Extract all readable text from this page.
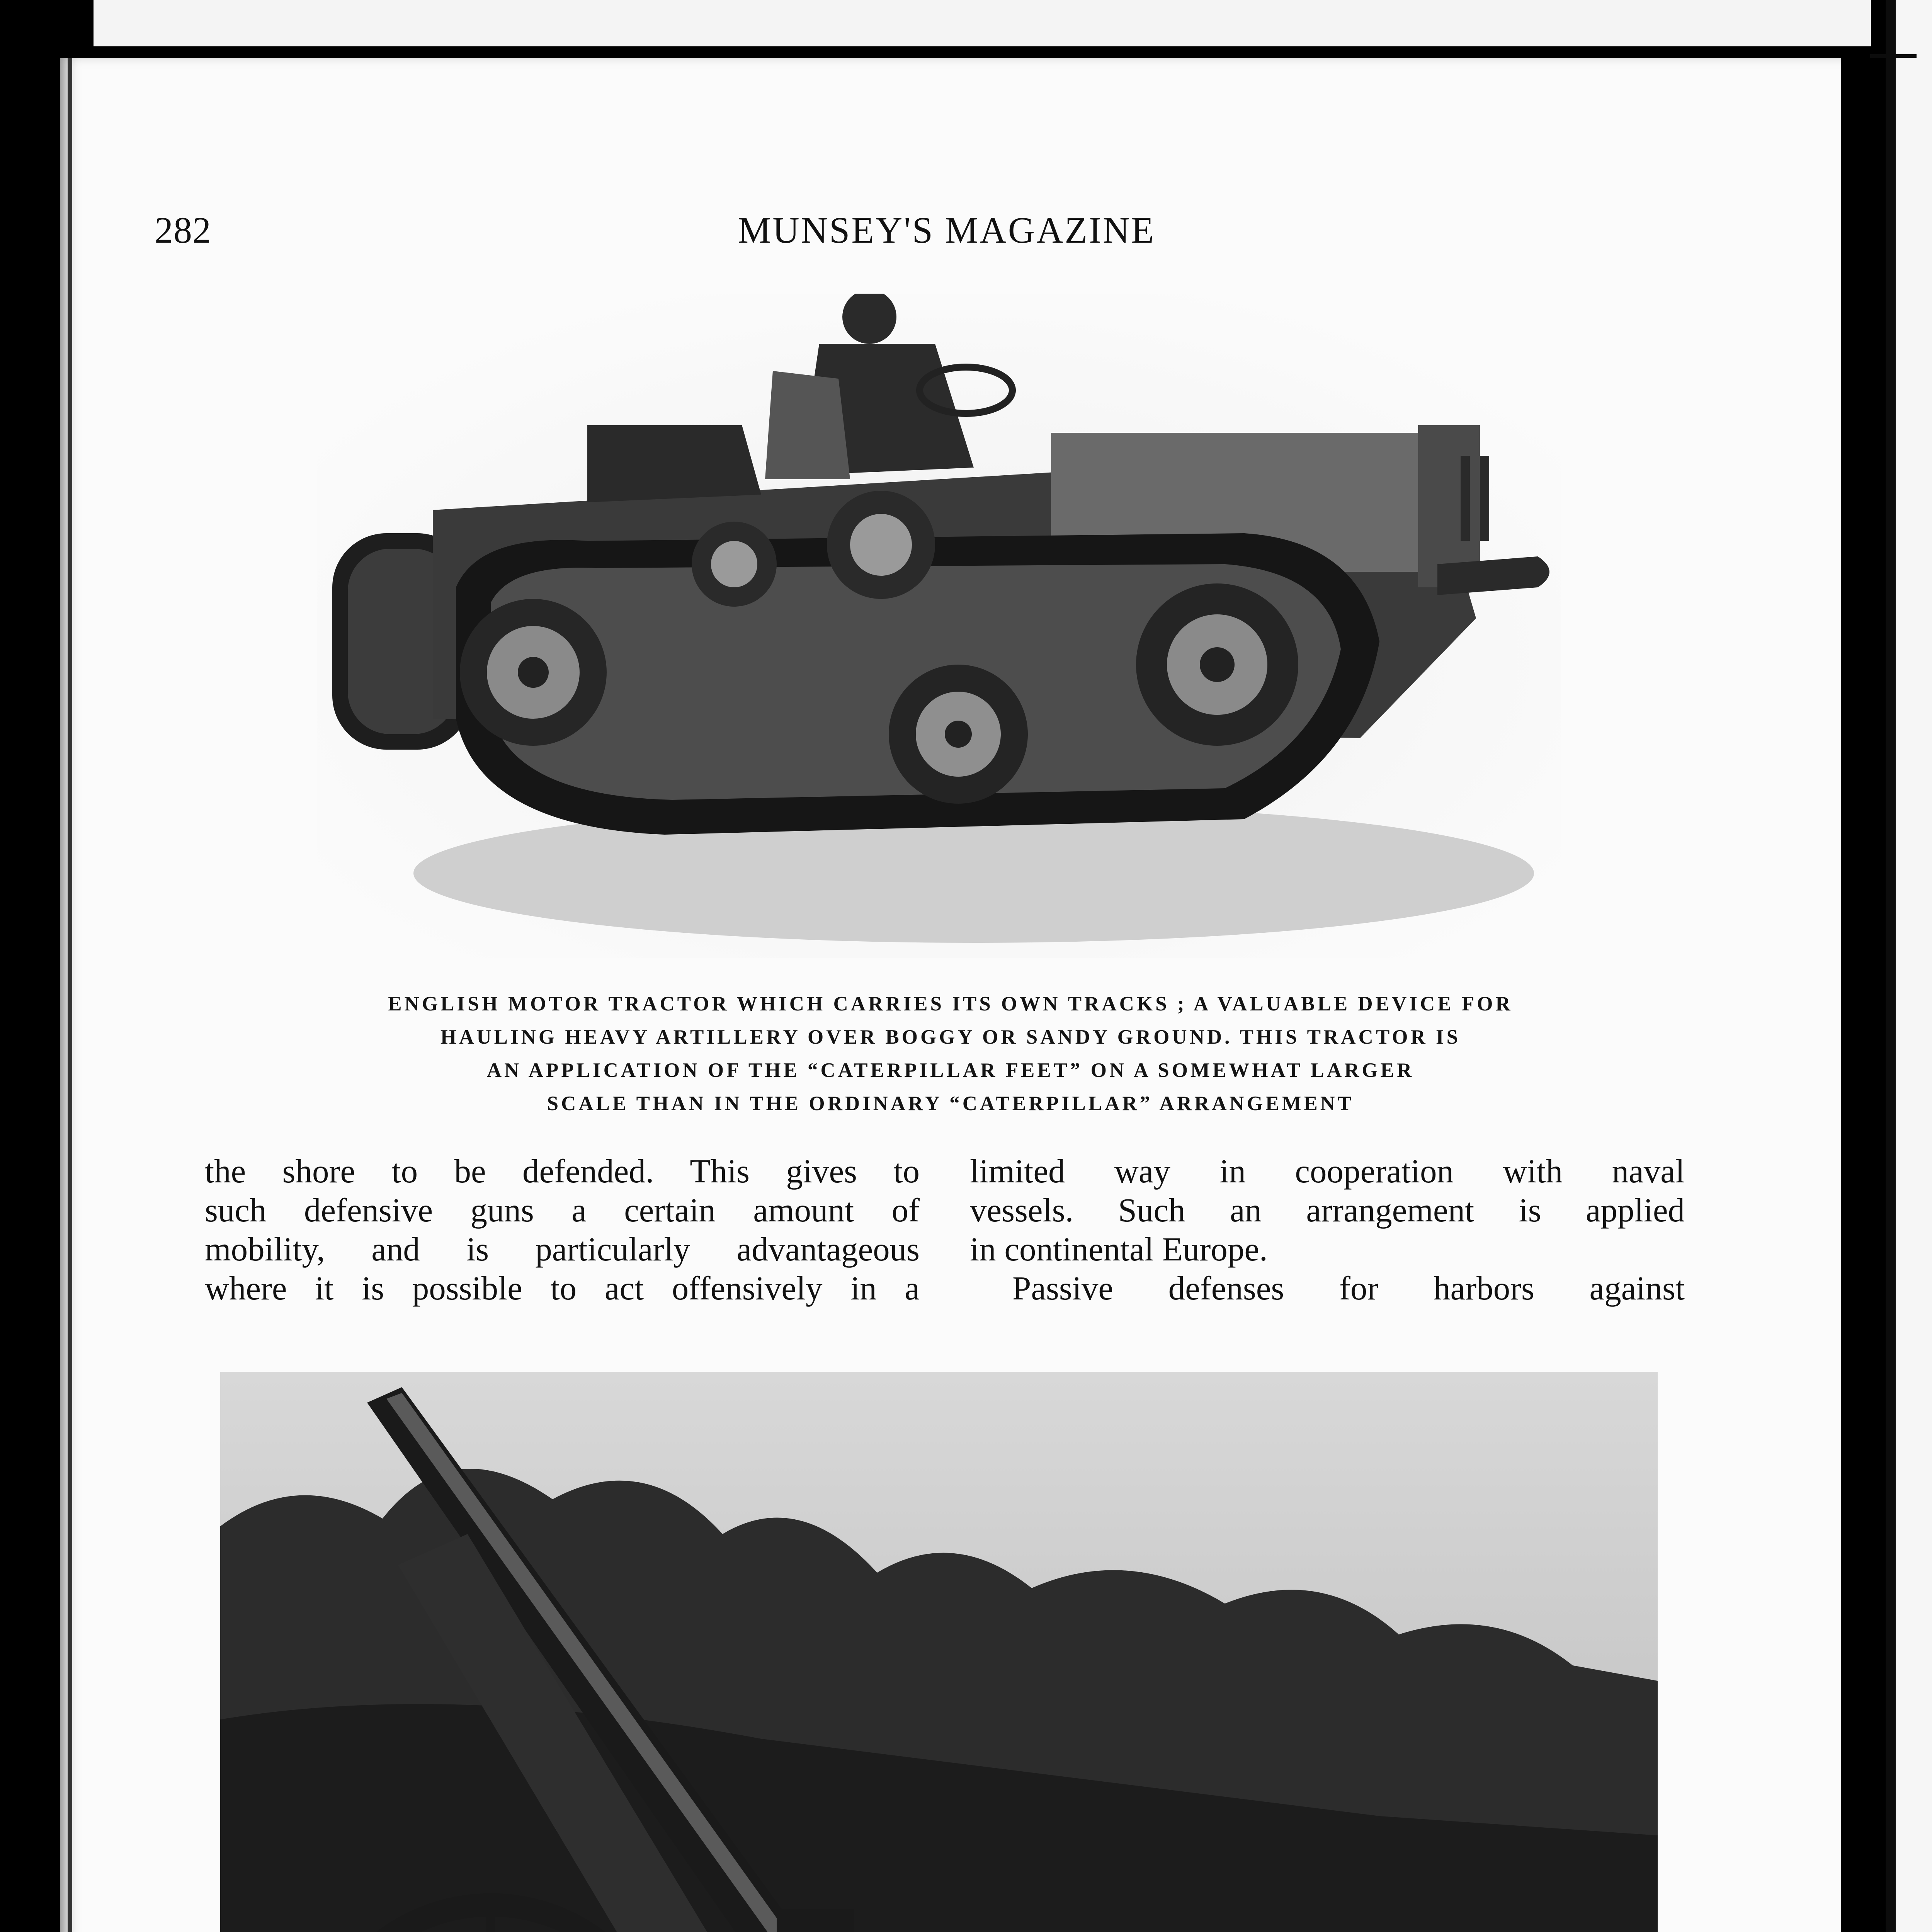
282	MUNSEY'S MAGAZINE
ENGLISH MOTOR TRACTOR WHICH CARRIES ITS OWN TRACKS ; A VALUABLE DEVICE FOR
HAULING HEAVY ARTILLERY OVER BOGGY OR SANDY GROUND. THIS TRACTOR IS
AN APPLICATION OF THE “CATERPILLAR FEET” ON A SOMEWHAT LARGER
SCALE THAN IN THE ORDINARY “CATERPILLAR” ARRANGEMENT
the shore to be defended. This gives to
such defensive guns a certain amount of
mobility, and is particularly advantageous
where it is possible to act offensively in a
limited way in cooperation with naval
vessels. Such an arrangement is applied
in continental Europe.
Passive defenses for harbors against
